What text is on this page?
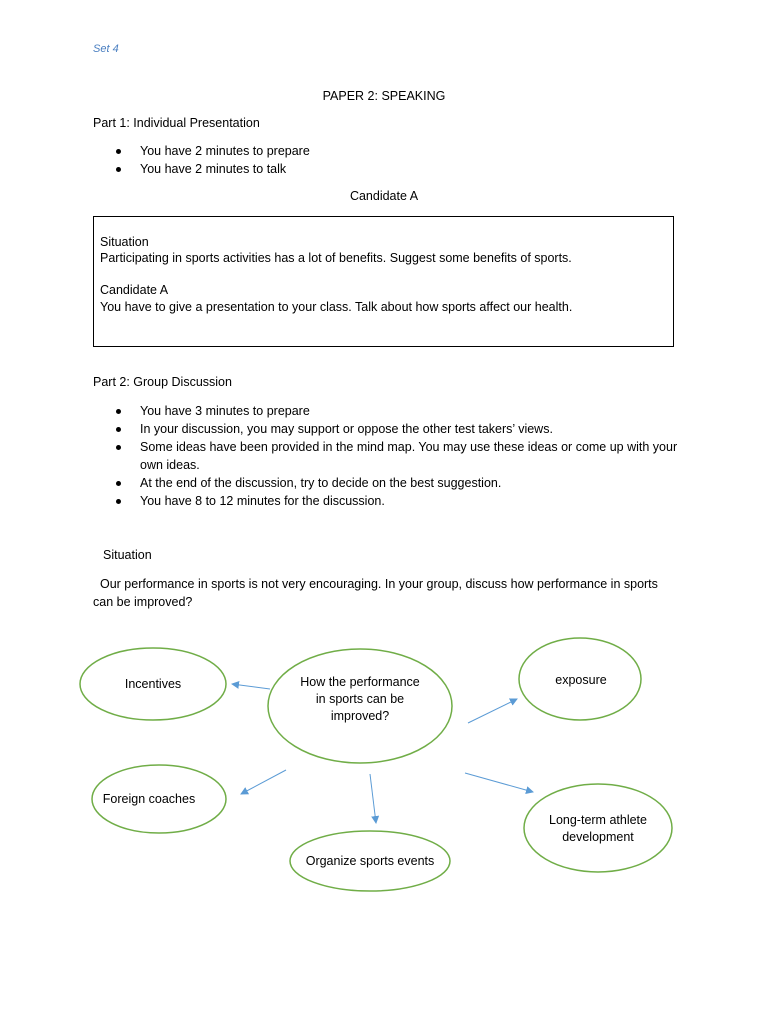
Set 4
PAPER 2: SPEAKING
Part 1: Individual Presentation
You have 2 minutes to prepare
You have 2 minutes to talk
Candidate A
Situation
Participating in sports activities has a lot of benefits. Suggest some benefits of sports.
Candidate A
You have to give a presentation to your class. Talk about how sports affect our health.
Part 2: Group Discussion
You have 3 minutes to prepare
In your discussion, you may support or oppose the other test takers’ views.
Some ideas have been provided in the mind map. You may use these ideas or come up with your own ideas.
At the end of the discussion, try to decide on the best suggestion.
You have 8 to 12 minutes for the discussion.
Situation
Our performance in sports is not very encouraging. In your group, discuss how performance in sports can be improved?
How the performance in sports can be improved?
Incentives	exposure
Foreign coaches
Organize sports events
Long-term athlete development
